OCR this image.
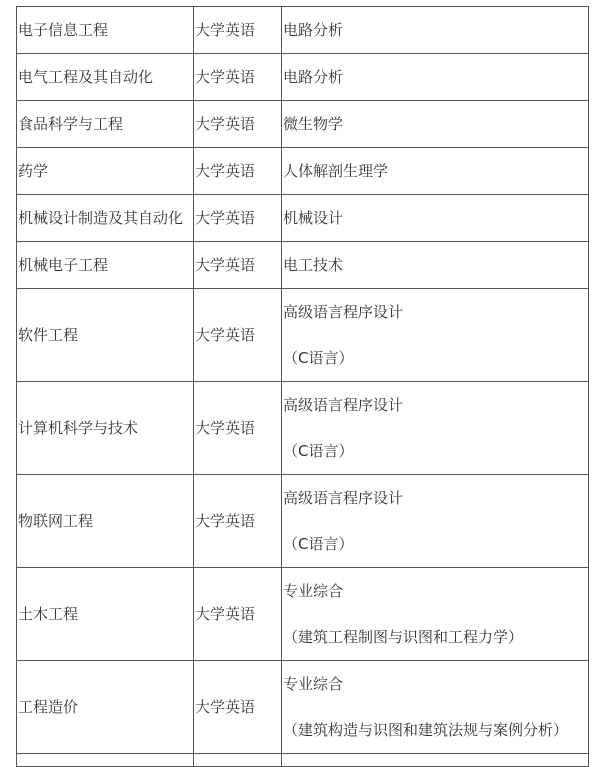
电子信息工程	大学英语	电路分析
电气工程及其自动化	大学英语	电路分析
食品科学与工程	大学英语	微生物学
药学	大学英语	人体解剖生理学
机械设计制造及其自动化	大学英语	机械设计
机械电子工程	大学英语	电工技术
软件工程	大学英语	高级语言程序设计
（C语言）

计算机科学与技术	大学英语	高级语言程序设计
（C语言）

物联网工程	大学英语	高级语言程序设计
（C语言）

土木工程	大学英语	专业综合
（建筑工程制图与识图和工程力学）

工程造价	大学英语	专业综合
（建筑构造与识图和建筑法规与案例分析）
